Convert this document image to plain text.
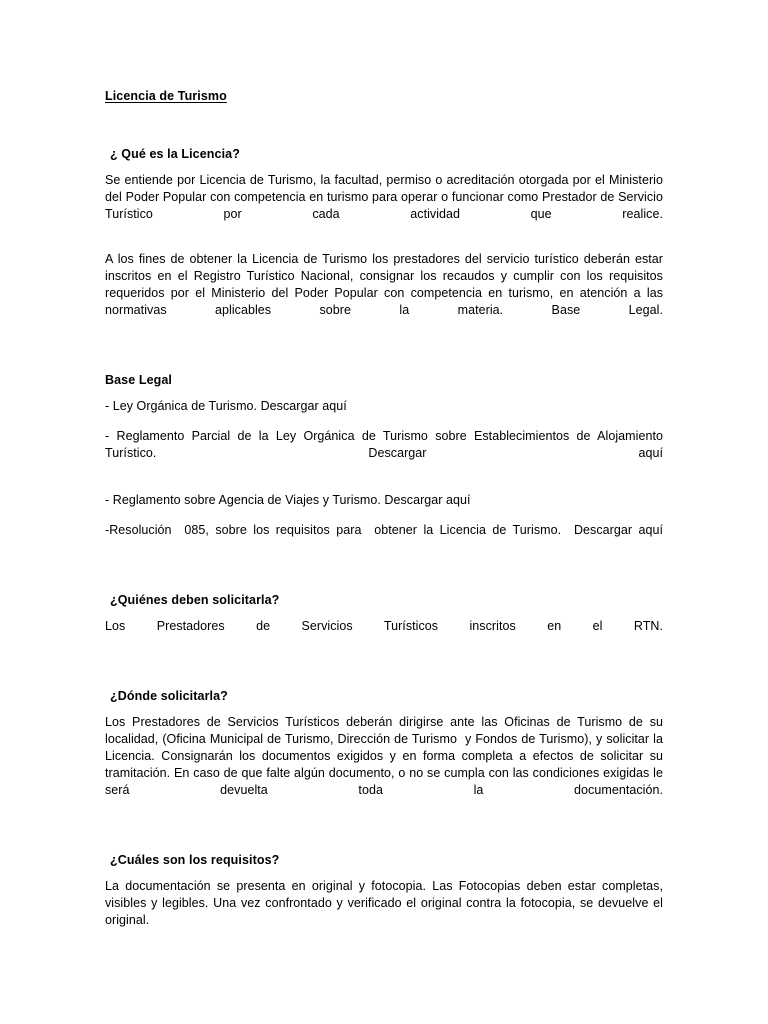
Licencia de Turismo
¿ Qué es la Licencia?

Se entiende por Licencia de Turismo, la facultad, permiso o acreditación otorgada por el Ministerio del Poder Popular con competencia en turismo para operar o funcionar como Prestador de Servicio Turístico por cada actividad que realice.

A los fines de obtener la Licencia de Turismo los prestadores del servicio turístico deberán estar inscritos en el Registro Turístico Nacional, consignar los recaudos y cumplir con los requisitos requeridos por el Ministerio del Poder Popular con competencia en turismo, en atención a las normativas aplicables sobre la materia. Base Legal.

Base Legal

- Ley Orgánica de Turismo. Descargar aquí

- Reglamento Parcial de la Ley Orgánica de Turismo sobre Establecimientos de Alojamiento Turístico. Descargar aquí

- Reglamento sobre Agencia de Viajes y Turismo. Descargar aquí

-Resolución  085, sobre los requisitos para  obtener la Licencia de Turismo.  Descargar aquí

¿Quiénes deben solicitarla?

Los Prestadores de Servicios Turísticos inscritos en el RTN.

¿Dónde solicitarla?

Los Prestadores de Servicios Turísticos deberán dirigirse ante las Oficinas de Turismo de su localidad, (Oficina Municipal de Turismo, Dirección de Turismo  y Fondos de Turismo), y solicitar la Licencia. Consignarán los documentos exigidos y en forma completa a efectos de solicitar su tramitación. En caso de que falte algún documento, o no se cumpla con las condiciones exigidas le será devuelta toda la documentación.

¿Cuáles son los requisitos?

La documentación se presenta en original y fotocopia. Las Fotocopias deben estar completas, visibles y legibles. Una vez confrontado y verificado el original contra la fotocopia, se devuelve el original.
